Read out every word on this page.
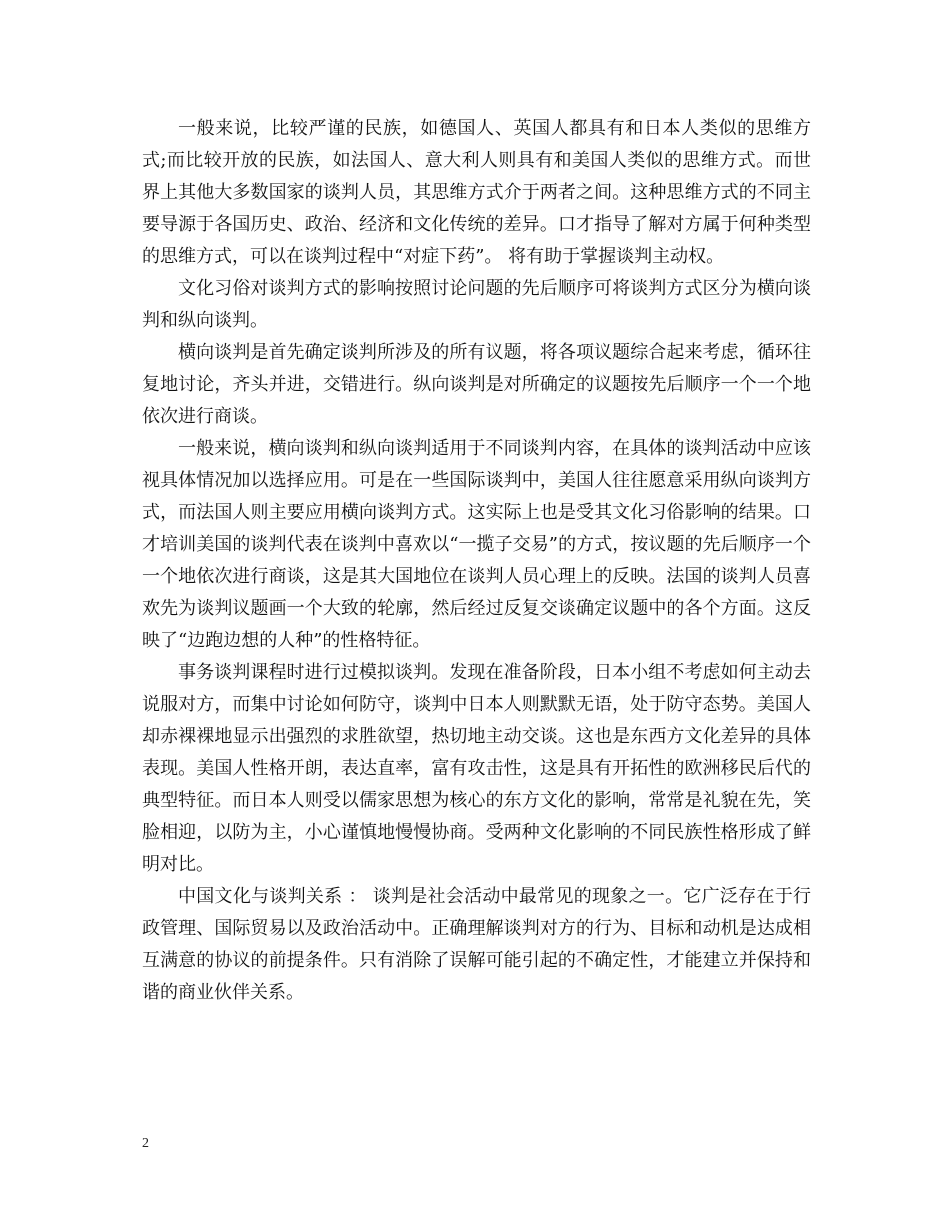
一般来说，比较严谨的民族，如德国人、英国人都具有和日本人类似的思维方式;而比较开放的民族，如法国人、意大利人则具有和美国人类似的思维方式。而世界上其他大多数国家的谈判人员，其思维方式介于两者之间。这种思维方式的不同主要导源于各国历史、政治、经济和文化传统的差异。口才指导了解对方属于何种类型的思维方式，可以在谈判过程中“对症下药”。 将有助于掌握谈判主动权。

文化习俗对谈判方式的影响按照讨论问题的先后顺序可将谈判方式区分为横向谈判和纵向谈判。

横向谈判是首先确定谈判所涉及的所有议题，将各项议题综合起来考虑，循环往复地讨论，齐头并进，交错进行。纵向谈判是对所确定的议题按先后顺序一个一个地依次进行商谈。

一般来说，横向谈判和纵向谈判适用于不同谈判内容，在具体的谈判活动中应该视具体情况加以选择应用。可是在一些国际谈判中，美国人往往愿意采用纵向谈判方式，而法国人则主要应用横向谈判方式。这实际上也是受其文化习俗影响的结果。口才培训美国的谈判代表在谈判中喜欢以“一揽子交易”的方式，按议题的先后顺序一个一个地依次进行商谈，这是其大国地位在谈判人员心理上的反映。法国的谈判人员喜欢先为谈判议题画一个大致的轮廓，然后经过反复交谈确定议题中的各个方面。这反映了“边跑边想的人种”的性格特征。

事务谈判课程时进行过模拟谈判。发现在准备阶段，日本小组不考虑如何主动去说服对方，而集中讨论如何防守，谈判中日本人则默默无语，处于防守态势。美国人却赤裸裸地显示出强烈的求胜欲望，热切地主动交谈。这也是东西方文化差异的具体表现。美国人性格开朗，表达直率，富有攻击性，这是具有开拓性的欧洲移民后代的典型特征。而日本人则受以儒家思想为核心的东方文化的影响，常常是礼貌在先，笑脸相迎，以防为主，小心谨慎地慢慢协商。受两种文化影响的不同民族性格形成了鲜明对比。

中国文化与谈判关系 ： 谈判是社会活动中最常见的现象之一。它广泛存在于行政管理、国际贸易以及政治活动中。正确理解谈判对方的行为、目标和动机是达成相互满意的协议的前提条件。只有消除了误解可能引起的不确定性，才能建立并保持和谐的商业伙伴关系。

2
